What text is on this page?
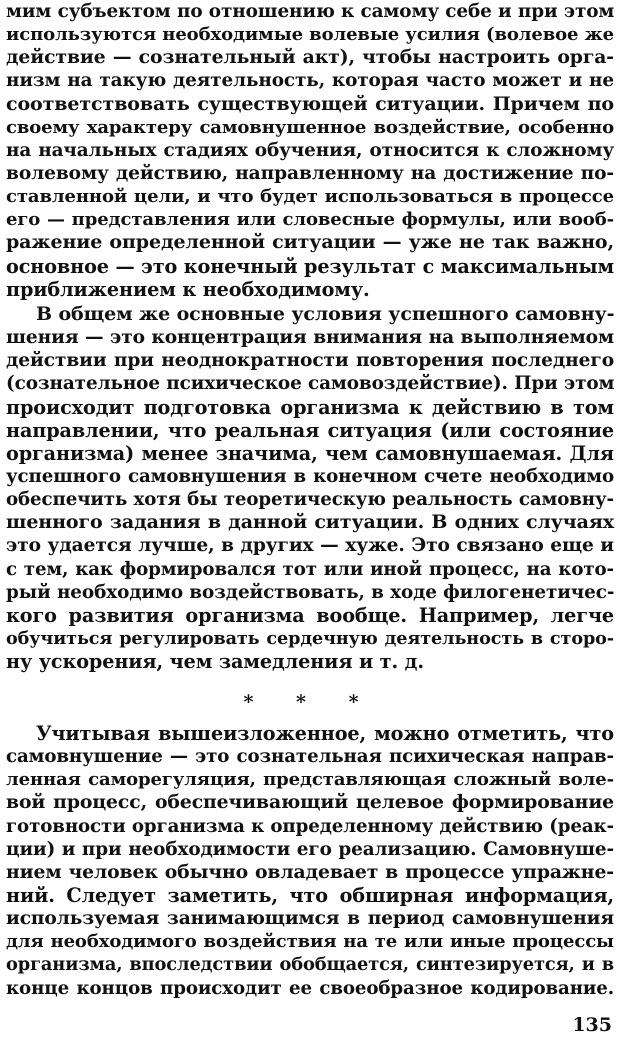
мим субъектом по отношению к самому себе и при этом
используются необходимые волевые усилия (волевое же
действие — сознательный акт), чтобы настроить орга-
низм на такую деятельность, которая часто может и не
соответствовать существующей ситуации. Причем по
своему характеру самовнушенное воздействие, особенно
на начальных стадиях обучения, относится к сложному
волевому действию, направленному на достижение по-
ставленной цели, и что будет использоваться в процессе
его — представления или словесные формулы, или вооб-
ражение определенной ситуации — уже не так важно,
основное — это конечный результат с максимальным
приближением к необходимому.
В общем же основные условия успешного самовну-
шения — это концентрация внимания на выполняемом
действии при неоднократности повторения последнего
(сознательное психическое самовоздействие). При этом
происходит подготовка организма к действию в том
направлении, что реальная ситуация (или состояние
организма) менее значима, чем самовнушаемая. Для
успешного самовнушения в конечном счете необходимо
обеспечить хотя бы теоретическую реальность самовну-
шенного задания в данной ситуации. В одних случаях
это удается лучше, в других — хуже. Это связано еще и
с тем, как формировался тот или иной процесс, на кото-
рый необходимо воздействовать, в ходе филогенетичес-
кого развития организма вообще. Например, легче
обучиться регулировать сердечную деятельность в сторо-
ну ускорения, чем замедления и т. д.
* * *
Учитывая вышеизложенное, можно отметить, что
самовнушение — это сознательная психическая направ-
ленная саморегуляция, представляющая сложный воле-
вой процесс, обеспечивающий целевое формирование
готовности организма к определенному действию (реак-
ции) и при необходимости его реализацию. Самовнуше-
нием человек обычно овладевает в процессе упражне-
ний. Следует заметить, что обширная информация,
используемая занимающимся в период самовнушения
для необходимого воздействия на те или иные процессы
организма, впоследствии обобщается, синтезируется, и в
конце концов происходит ее своеобразное кодирование.
135
